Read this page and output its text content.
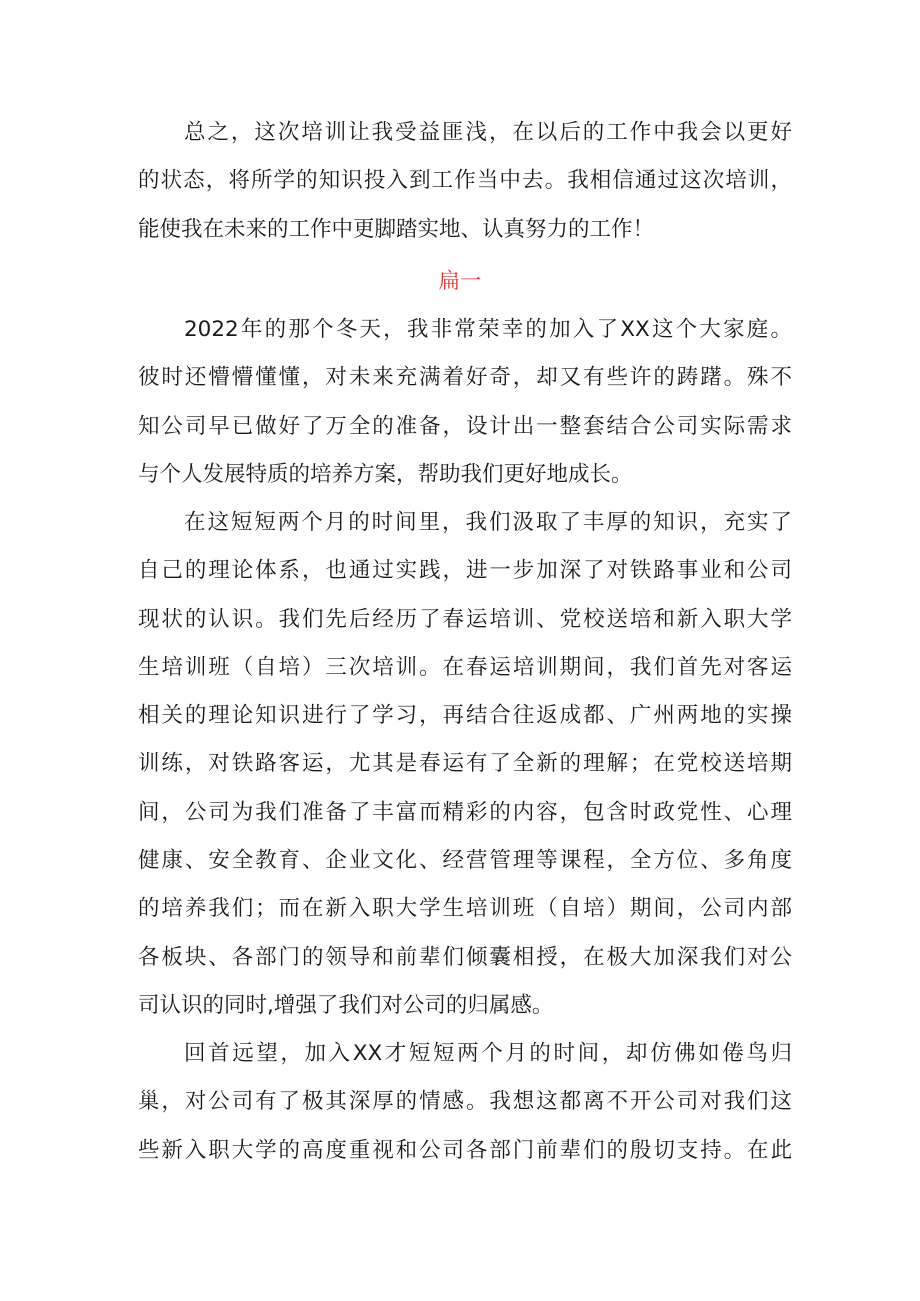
总之，这次培训让我受益匪浅，在以后的工作中我会以更好
的状态，将所学的知识投入到工作当中去。我相信通过这次培训，
能使我在未来的工作中更脚踏实地、认真努力的工作！
扁一
2022年的那个冬天，我非常荣幸的加入了XX这个大家庭。
彼时还懵懵懂懂，对未来充满着好奇，却又有些许的踌躇。殊不
知公司早已做好了万全的准备，设计出一整套结合公司实际需求
与个人发展特质的培养方案，帮助我们更好地成长。
在这短短两个月的时间里，我们汲取了丰厚的知识，充实了
自己的理论体系，也通过实践，进一步加深了对铁路事业和公司
现状的认识。我们先后经历了春运培训、党校送培和新入职大学
生培训班（自培）三次培训。在春运培训期间，我们首先对客运
相关的理论知识进行了学习，再结合往返成都、广州两地的实操
训练，对铁路客运，尤其是春运有了全新的理解；在党校送培期
间，公司为我们准备了丰富而精彩的内容，包含时政党性、心理
健康、安全教育、企业文化、经营管理等课程，全方位、多角度
的培养我们；而在新入职大学生培训班（自培）期间，公司内部
各板块、各部门的领导和前辈们倾囊相授，在极大加深我们对公
司认识的同时,增强了我们对公司的归属感。
回首远望，加入XX才短短两个月的时间，却仿佛如倦鸟归
巢，对公司有了极其深厚的情感。我想这都离不开公司对我们这
些新入职大学的高度重视和公司各部门前辈们的殷切支持。在此
